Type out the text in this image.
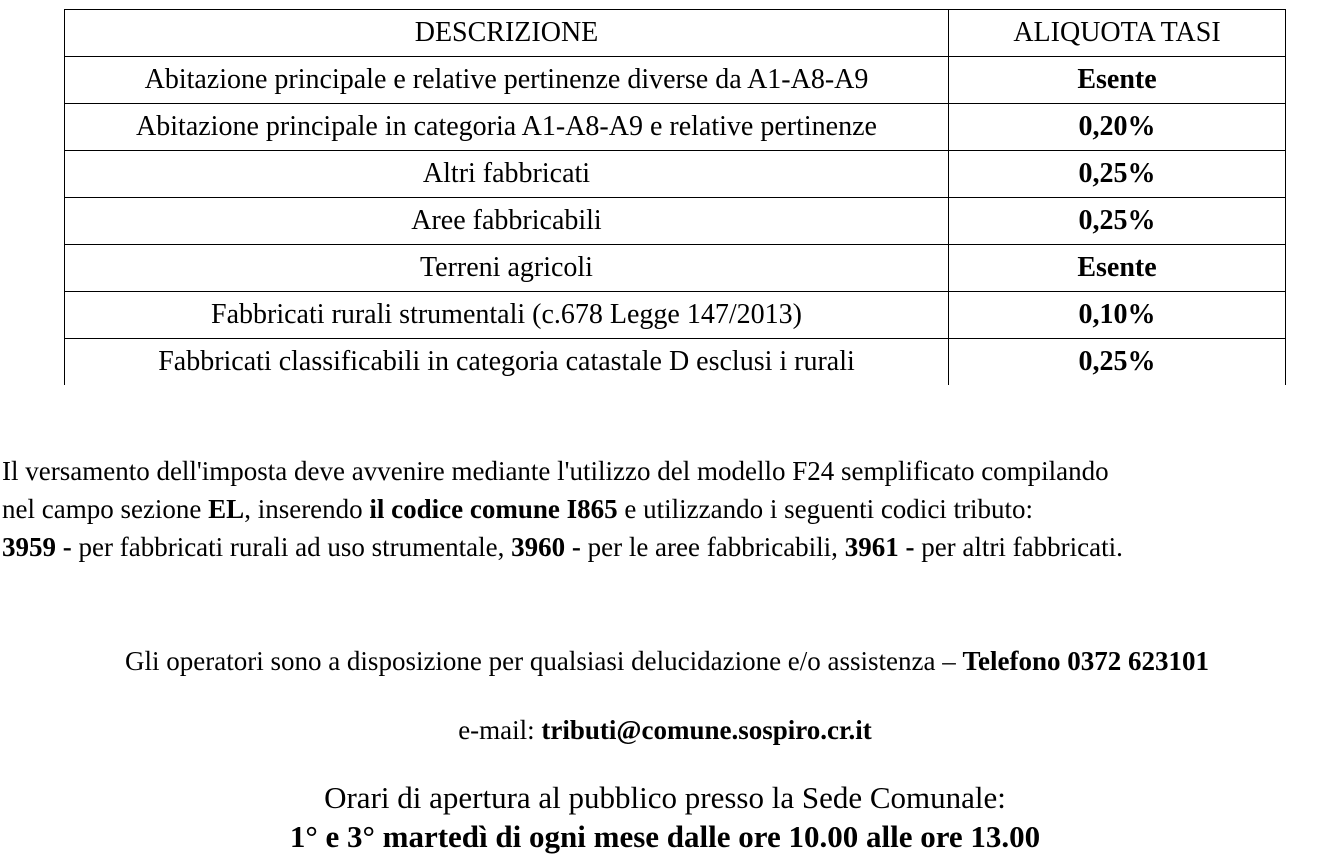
DESCRIZIONE	ALIQUOTA TASI
Abitazione principale e relative pertinenze diverse da A1-A8-A9	Esente
Abitazione principale in categoria A1-A8-A9 e relative pertinenze	0,20%
Altri fabbricati	0,25%
Aree fabbricabili	0,25%
Terreni agricoli	Esente
Fabbricati rurali strumentali (c.678 Legge 147/2013)	0,10%
Fabbricati classificabili in categoria catastale D esclusi i rurali	0,25%
Il versamento dell'imposta deve avvenire mediante l'utilizzo del modello F24 semplificato compilando
nel campo sezione EL, inserendo il codice comune I865 e utilizzando i seguenti codici tributo:
3959 - per fabbricati rurali ad uso strumentale, 3960 - per le aree fabbricabili, 3961 - per altri fabbricati.
Gli operatori sono a disposizione per qualsiasi delucidazione e/o assistenza – Telefono 0372 623101
e-mail: tributi@comune.sospiro.cr.it
Orari di apertura al pubblico presso la Sede Comunale:
1° e 3° martedì di ogni mese dalle ore 10.00 alle ore 13.00
